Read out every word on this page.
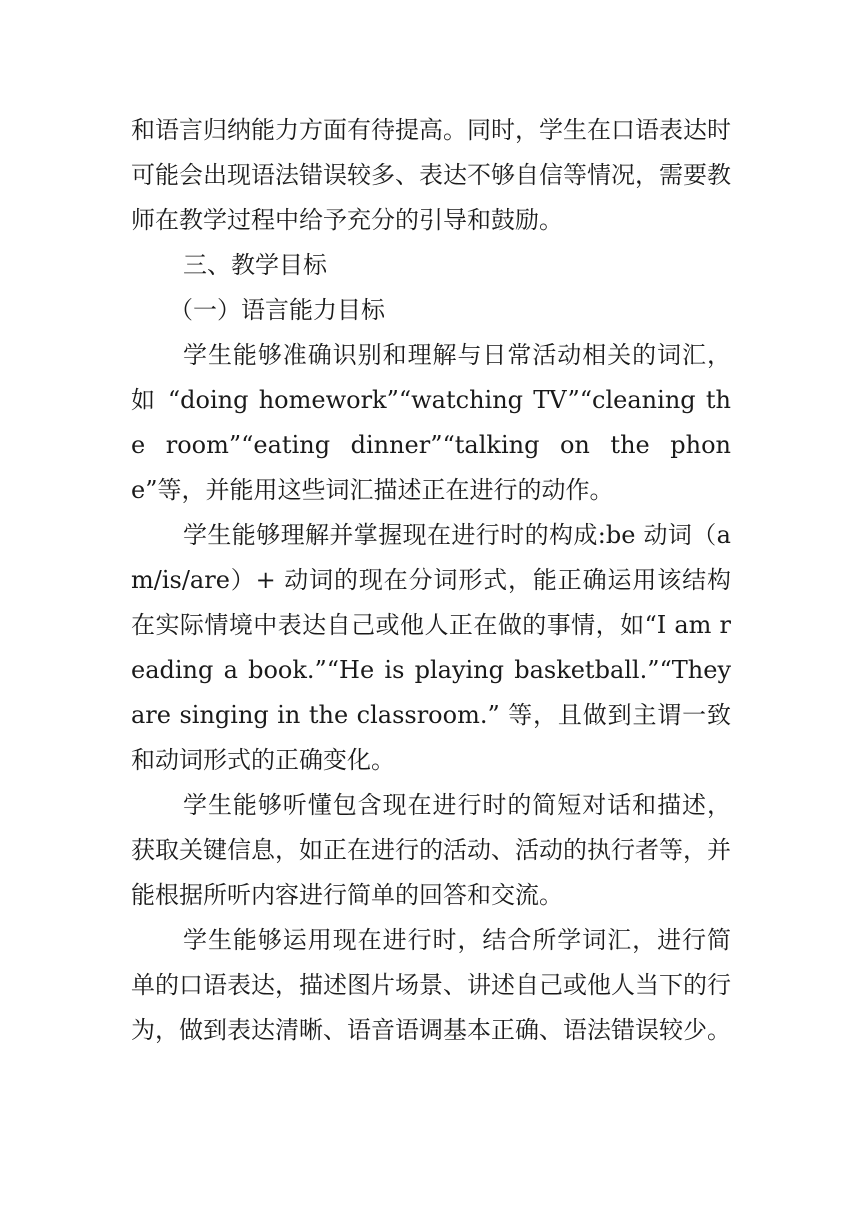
和语言归纳能力方面有待提高。同时，学生在口语表达时可能会出现语法错误较多、表达不够自信等情况，需要教师在教学过程中给予充分的引导和鼓励。

三、教学目标

（一）语言能力目标

学生能够准确识别和理解与日常活动相关的词汇，如 “doing homework”“watching TV”“cleaning the room”“eating dinner”“talking on the phone”等，并能用这些词汇描述正在进行的动作。

学生能够理解并掌握现在进行时的构成:be 动词（am/is/are）+ 动词的现在分词形式，能正确运用该结构在实际情境中表达自己或他人正在做的事情，如“I am reading a book.”“He is playing basketball.”“They are singing in the classroom.” 等，且做到主谓一致和动词形式的正确变化。

学生能够听懂包含现在进行时的简短对话和描述，获取关键信息，如正在进行的活动、活动的执行者等，并能根据所听内容进行简单的回答和交流。

学生能够运用现在进行时，结合所学词汇，进行简单的口语表达，描述图片场景、讲述自己或他人当下的行为，做到表达清晰、语音语调基本正确、语法错误较少。
